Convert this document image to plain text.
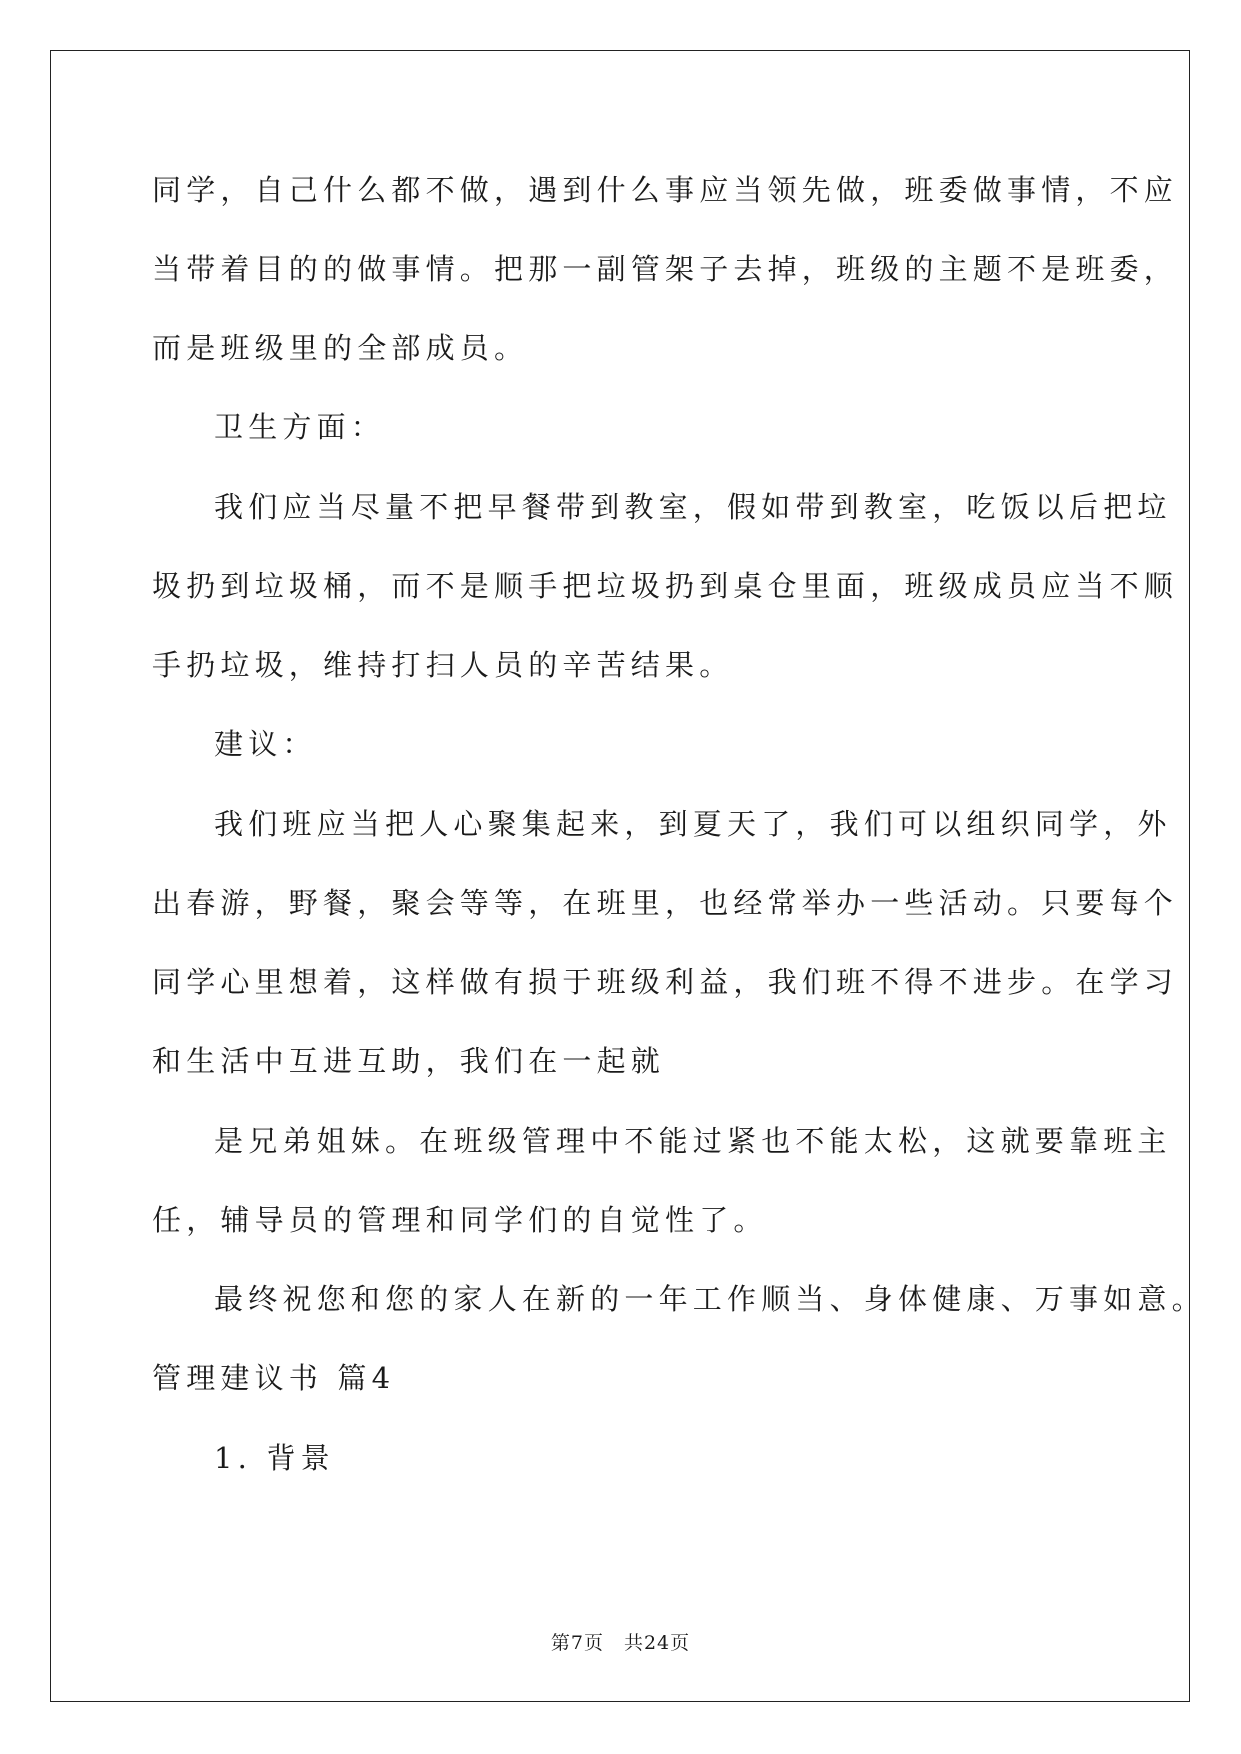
同学，自己什么都不做，遇到什么事应当领先做，班委做事情，不应
当带着目的的做事情。把那一副管架子去掉，班级的主题不是班委，
而是班级里的全部成员。
卫生方面：
我们应当尽量不把早餐带到教室，假如带到教室，吃饭以后把垃
圾扔到垃圾桶，而不是顺手把垃圾扔到桌仓里面，班级成员应当不顺
手扔垃圾，维持打扫人员的辛苦结果。
建议：
我们班应当把人心聚集起来，到夏天了，我们可以组织同学，外
出春游，野餐，聚会等等，在班里，也经常举办一些活动。只要每个
同学心里想着，这样做有损于班级利益，我们班不得不进步。在学习
和生活中互进互助，我们在一起就
是兄弟姐妹。在班级管理中不能过紧也不能太松，这就要靠班主
任，辅导员的管理和同学们的自觉性了。
最终祝您和您的家人在新的一年工作顺当、身体健康、万事如意。
管理建议书 篇4
1. 背景
第7页　共24页
